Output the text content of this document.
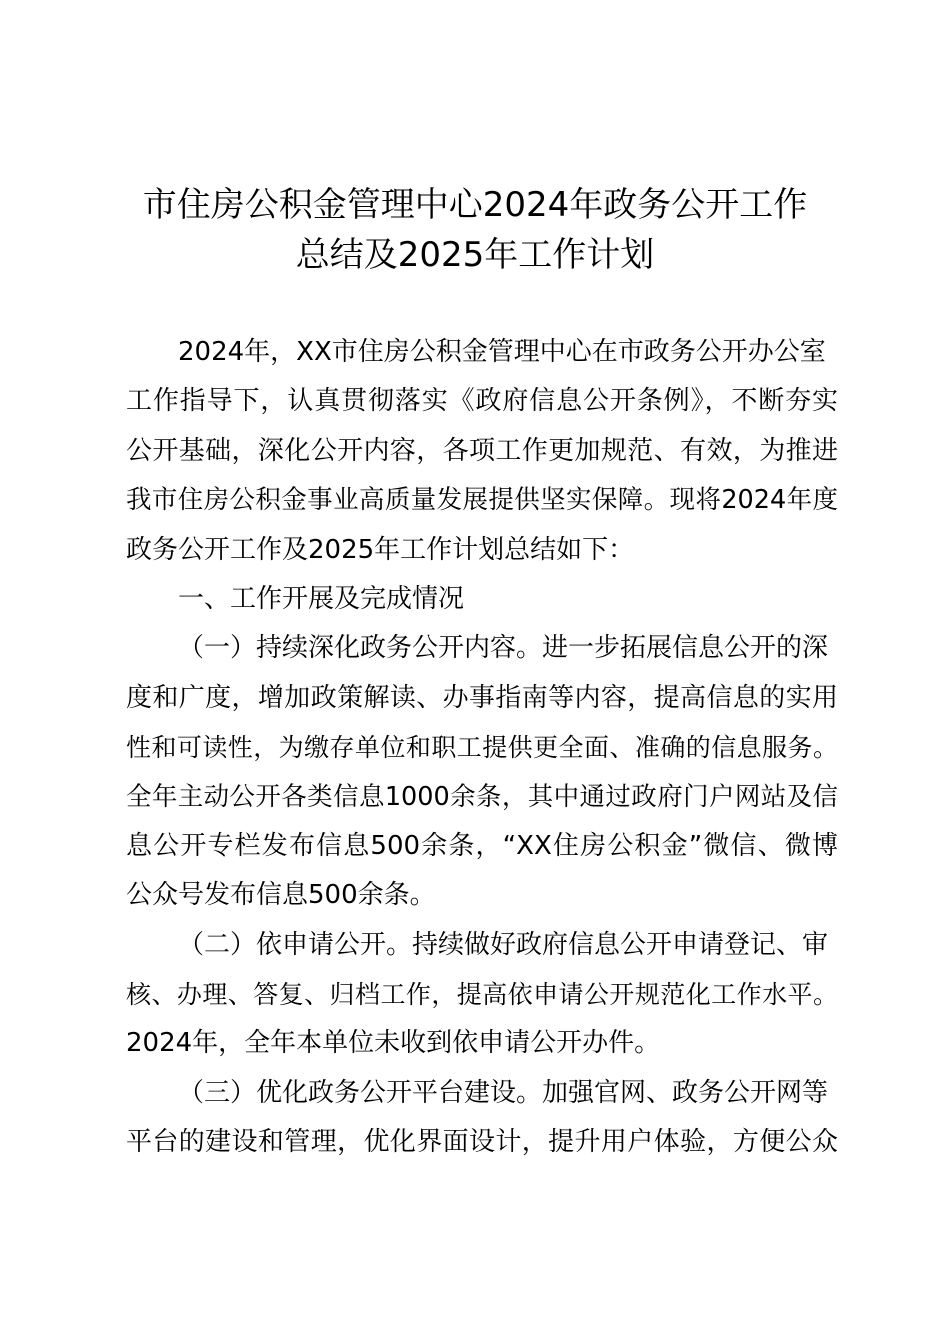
市住房公积金管理中心2024年政务公开工作
总结及2025年工作计划
2024年，XX市住房公积金管理中心在市政务公开办公室
工作指导下，认真贯彻落实《政府信息公开条例》，不断夯实
公开基础，深化公开内容，各项工作更加规范、有效，为推进
我市住房公积金事业高质量发展提供坚实保障。现将2024年度
政务公开工作及2025年工作计划总结如下：
一、工作开展及完成情况
（一）持续深化政务公开内容。进一步拓展信息公开的深
度和广度，增加政策解读、办事指南等内容，提高信息的实用
性和可读性，为缴存单位和职工提供更全面、准确的信息服务。
全年主动公开各类信息1000余条，其中通过政府门户网站及信
息公开专栏发布信息500余条，“XX住房公积金”微信、微博
公众号发布信息500余条。
（二）依申请公开。持续做好政府信息公开申请登记、审
核、办理、答复、归档工作，提高依申请公开规范化工作水平。
2024年，全年本单位未收到依申请公开办件。
（三）优化政务公开平台建设。加强官网、政务公开网等
平台的建设和管理，优化界面设计，提升用户体验，方便公众
